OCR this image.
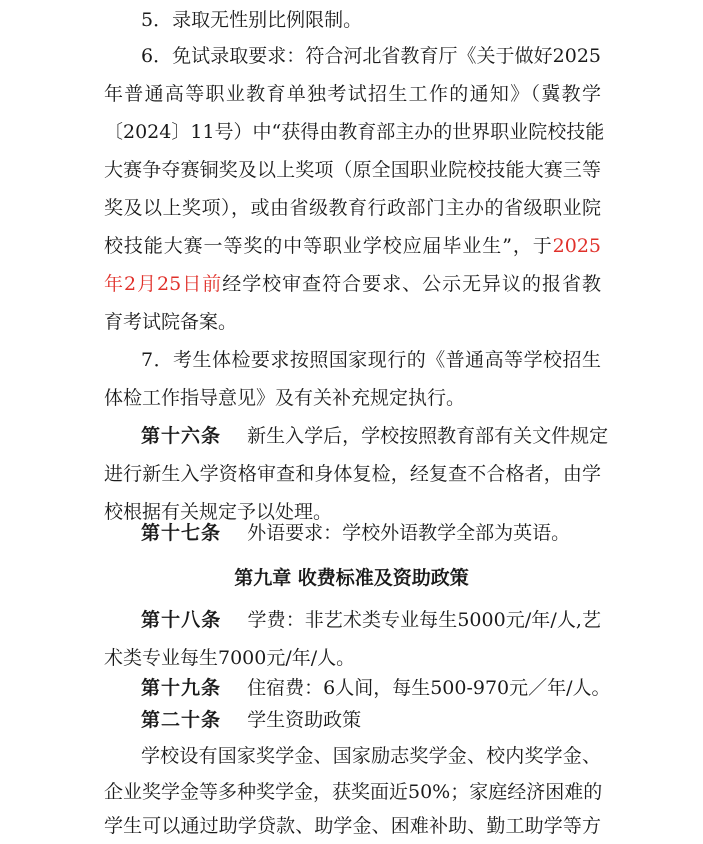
5．录取无性别比例限制。
6．免试录取要求：符合河北省教育厅《关于做好2025
年普通高等职业教育单独考试招生工作的通知》（冀教学
〔2024〕11号）中“获得由教育部主办的世界职业院校技能
大赛争夺赛铜奖及以上奖项（原全国职业院校技能大赛三等
奖及以上奖项），或由省级教育行政部门主办的省级职业院
校技能大赛一等奖的中等职业学校应届毕业生”，于2025
年2月25日前经学校审查符合要求、公示无异议的报省教
育考试院备案。
7．考生体检要求按照国家现行的《普通高等学校招生
体检工作指导意见》及有关补充规定执行。
第十六条 新生入学后，学校按照教育部有关文件规定
进行新生入学资格审查和身体复检，经复查不合格者，由学
校根据有关规定予以处理。
第十七条 外语要求：学校外语教学全部为英语。
第九章 收费标准及资助政策
第十八条 学费：非艺术类专业每生5000元/年/人,艺
术类专业每生7000元/年/人。
第十九条 住宿费：6人间，每生500-970元／年/人。
第二十条 学生资助政策
学校设有国家奖学金、国家励志奖学金、校内奖学金、
企业奖学金等多种奖学金，获奖面近50%；家庭经济困难的
学生可以通过助学贷款、助学金、困难补助、勤工助学等方
